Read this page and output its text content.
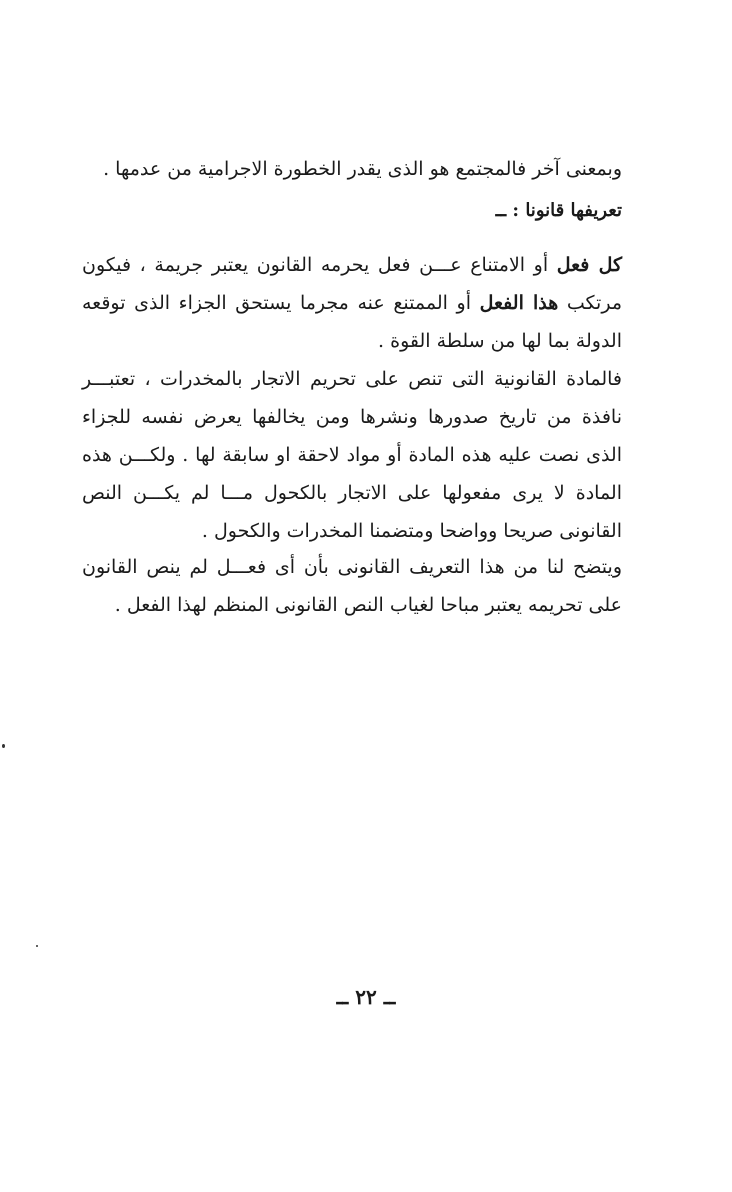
وبمعنى آخر فالمجتمع هو الذى يقدر الخطورة الاجرامية من عدمها .

تعريفها قانونا : ــ

كل فعل أو الامتناع عـــن فعل يحرمه القانون يعتبر جريمة ، فيكون مرتكب هذا الفعل أو الممتنع عنه مجرما يستحق الجزاء الذى توقعه الدولة بما لها من سلطة القوة .

فالمادة القانونية التى تنص على تحريم الاتجار بالمخدرات ، تعتبـــر نافذة من تاريخ صدورها ونشرها ومن يخالفها يعرض نفسه للجزاء الذى نصت عليه هذه المادة أو مواد لاحقة او سابقة لها . ولكـــن هذه المادة لا يرى مفعولها على الاتجار بالكحول مـــا لم يكـــن النص القانونى صريحا وواضحا ومتضمنا المخدرات والكحول .

ويتضح لنا من هذا التعريف القانونى بأن أى فعـــل لم ينص القانون على تحريمه يعتبر مباحا لغياب النص القانونى المنظم لهذا الفعل .

ــ ٢٢ ــ
